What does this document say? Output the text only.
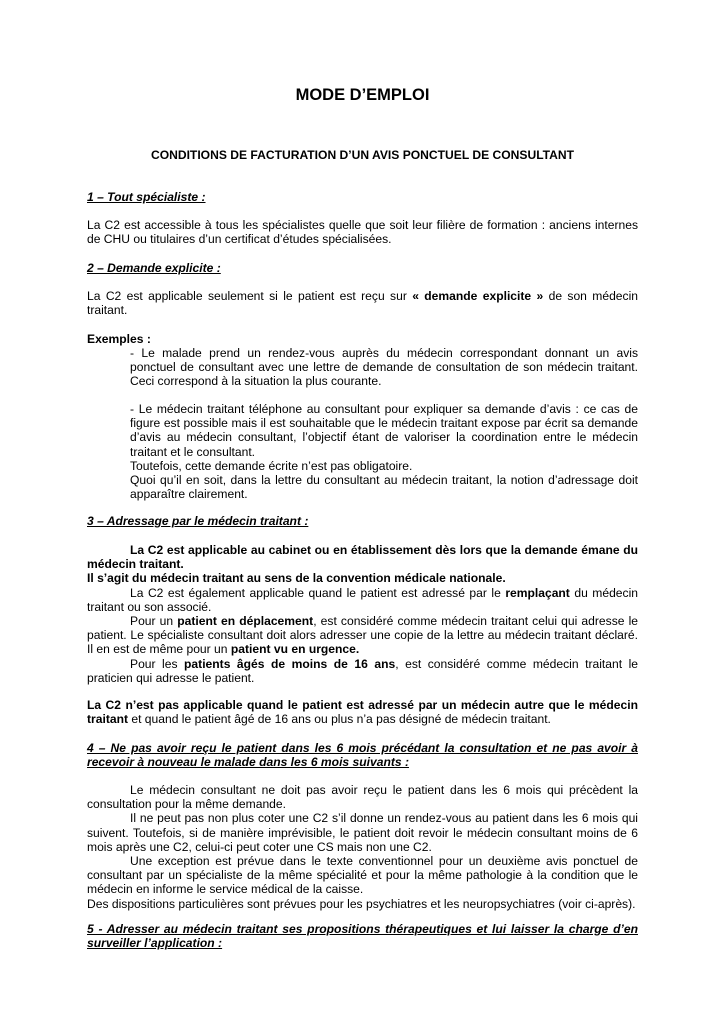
MODE D’EMPLOI
CONDITIONS DE FACTURATION D’UN AVIS PONCTUEL DE CONSULTANT

1 – Tout spécialiste :

La C2 est accessible à tous les spécialistes quelle que soit leur filière de formation : anciens internes de CHU ou titulaires d’un certificat d’études spécialisées.

2 – Demande explicite :

La C2 est applicable seulement si le patient est reçu sur « demande explicite » de son médecin traitant.

Exemples :

- Le malade prend un rendez-vous auprès du médecin correspondant donnant un avis ponctuel de consultant avec une lettre de demande de consultation de son médecin traitant. Ceci correspond à la situation la plus courante.

- Le médecin traitant téléphone au consultant pour expliquer sa demande d’avis : ce cas de figure est possible mais il est souhaitable que le médecin traitant expose par écrit sa demande d’avis au médecin consultant, l’objectif étant de valoriser la coordination entre le médecin traitant et le consultant.

Toutefois, cette demande écrite n’est pas obligatoire.

Quoi qu’il en soit, dans la lettre du consultant au médecin traitant, la notion d’adressage doit apparaître clairement.

3 – Adressage par le médecin traitant :

La C2 est applicable au cabinet ou en établissement dès lors que la demande émane du médecin traitant.

Il s’agit du médecin traitant au sens de la convention médicale nationale.

La C2 est également applicable quand le patient est adressé par le remplaçant du médecin traitant ou son associé.

Pour un patient en déplacement, est considéré comme médecin traitant celui qui adresse le patient. Le spécialiste consultant doit alors adresser une copie de la lettre au médecin traitant déclaré. Il en est de même pour un patient vu en urgence.

Pour les patients âgés de moins de 16 ans, est considéré comme médecin traitant le praticien qui adresse le patient.

La C2 n’est pas applicable quand le patient est adressé par un médecin autre que le médecin traitant et quand le patient âgé de 16 ans ou plus n’a pas désigné de médecin traitant.

4 – Ne pas avoir reçu le patient dans les 6 mois précédant la consultation et ne pas avoir à recevoir à nouveau le malade dans les 6 mois suivants :

Le médecin consultant ne doit pas avoir reçu le patient dans les 6 mois qui précèdent la consultation pour la même demande.

Il ne peut pas non plus coter une C2 s’il donne un rendez-vous au patient dans les 6 mois qui suivent. Toutefois, si de manière imprévisible, le patient doit revoir le médecin consultant moins de 6 mois après une C2, celui-ci peut coter une CS mais non une C2.

Une exception est prévue dans le texte conventionnel pour un deuxième avis ponctuel de consultant par un spécialiste de la même spécialité et pour la même pathologie à la condition que le médecin en informe le service médical de la caisse.

Des dispositions particulières sont prévues pour les psychiatres et les neuropsychiatres (voir ci-après).

5 - Adresser au médecin traitant ses propositions thérapeutiques et lui laisser la charge d’en surveiller l’application :
